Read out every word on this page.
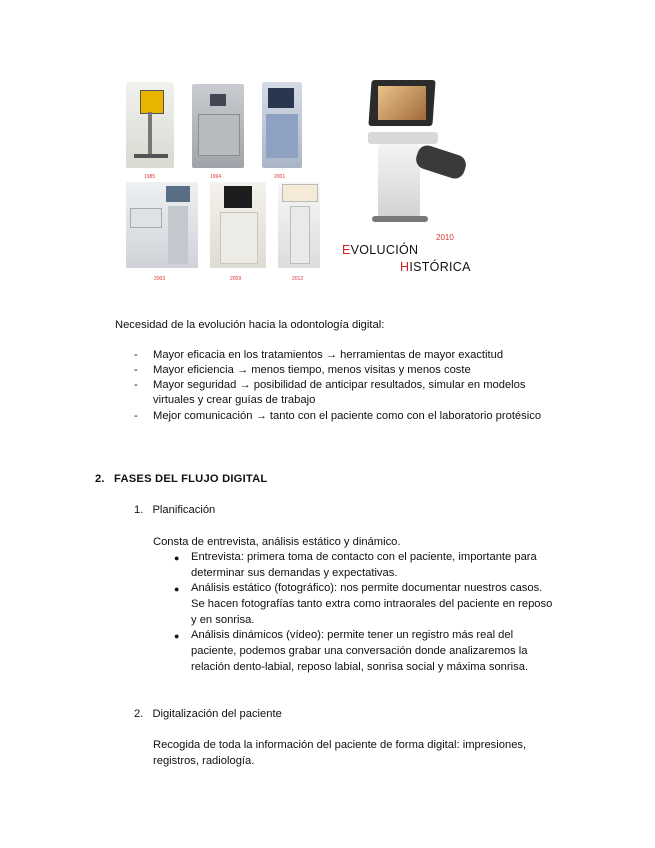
1985	1994	2001
2003	2009	2012
2010
EVOLUCIÓN
HISTÓRICA
Necesidad de la evolución hacia la odontología digital:
-	Mayor eficacia en los tratamientos → herramientas de mayor exactitud
-	Mayor eficiencia → menos tiempo, menos visitas y menos coste
-	Mayor seguridad → posibilidad de anticipar resultados, simular en modelos
virtuales y crear guías de trabajo
-	Mejor comunicación → tanto con el paciente como con el laboratorio protésico
2. FASES DEL FLUJO DIGITAL
1. Planificación
Consta de entrevista, análisis estático y dinámico.
● Entrevista: primera toma de contacto con el paciente, importante para
determinar sus demandas y expectativas.
● Análisis estático (fotográfico): nos permite documentar nuestros casos.
Se hacen fotografías tanto extra como intraorales del paciente en reposo
y en sonrisa.
● Análisis dinámicos (vídeo): permite tener un registro más real del
paciente, podemos grabar una conversación donde analizaremos la
relación dento-labial, reposo labial, sonrisa social y máxima sonrisa.
2. Digitalización del paciente
Recogida de toda la información del paciente de forma digital: impresiones,
registros, radiología.
